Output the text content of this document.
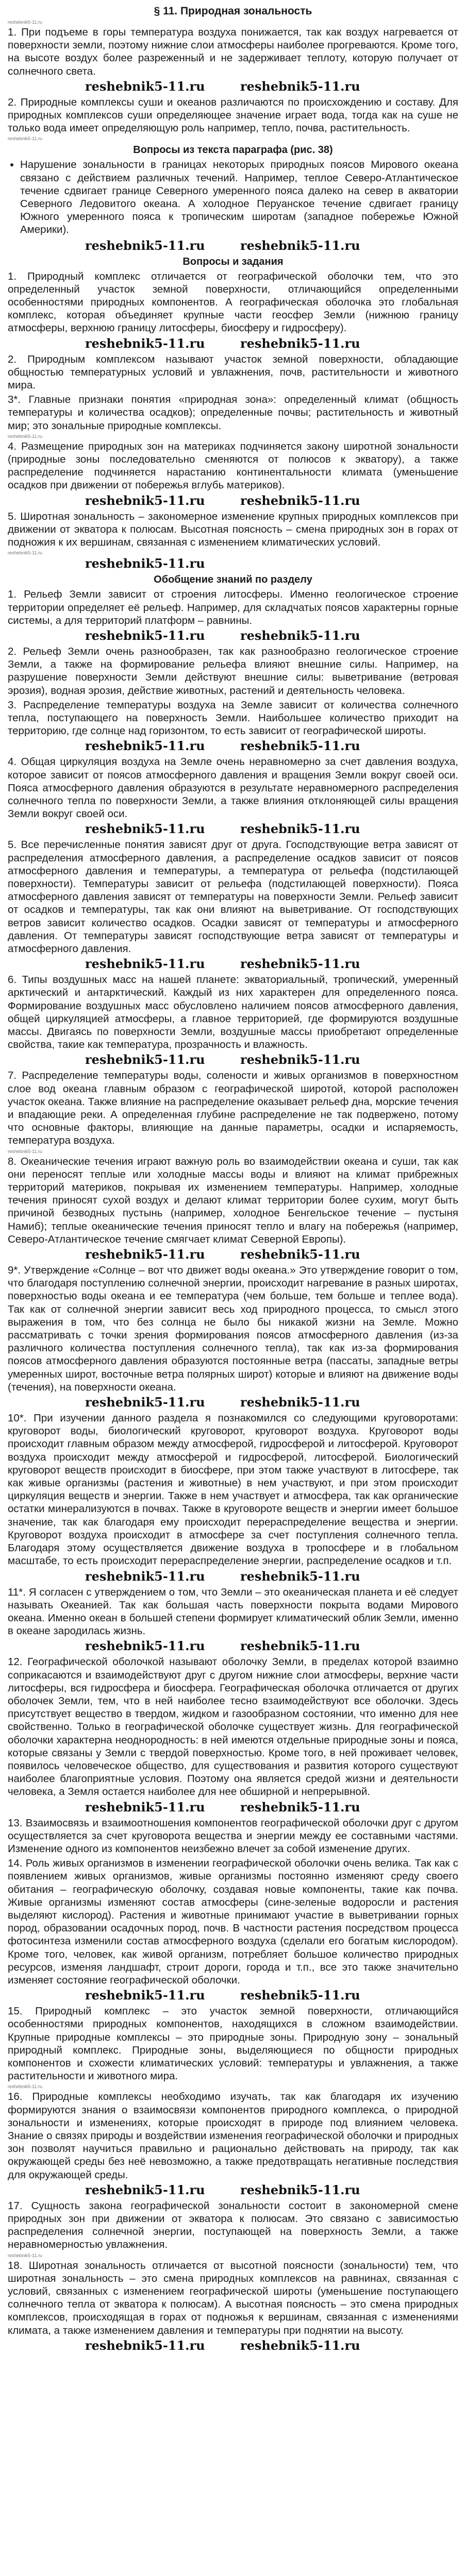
§ 11. Природная зональность
reshebnik5-11.ru

1. При подъеме в горы температура воздуха понижается, так как воздух нагревается от поверхности земли, поэтому нижние слои атмосферы наиболее прогреваются. Кроме того, на высоте воздух более разреженный и не задерживает теплоту, которую получает от солнечного света.

reshebnik5-11.ru	reshebnik5-11.ru

2. Природные комплексы суши и океанов различаются по происхождению и составу. Для природных комплексов суши определяющее значение играет вода, тогда как на суше не только вода имеет определяющую роль например, тепло, почва, растительность.

reshebnik5-11.ru
Вопросы из текста параграфа (рис. 38)
• Нарушение зональности в границах некоторых природных поясов Мирового океана связано с действием различных течений. Например, теплое Северо-Атлантическое течение сдвигает границе Северного умеренного пояса далеко на север в акватории Северного Ледовитого океана. А холодное Перуанское течение сдвигает границу Южного умеренного пояса к тропическим широтам (западное побережье Южной Америки).
reshebnik5-11.ru	reshebnik5-11.ru
Вопросы и задания

1. Природный комплекс отличается от географической оболочки тем, что это определенный участок земной поверхности, отличающийся определенными особенностями природных компонентов. А географическая оболочка это глобальная комплекс, которая объединяет крупные части геосфер Земли (нижнюю границу атмосферы, верхнюю границу литосферы, биосферу и гидросферу).

reshebnik5-11.ru	reshebnik5-11.ru

2. Природным комплексом называют участок земной поверхности, обладающие общностью температурных условий и увлажнения, почв, растительности и животного мира.

3*. Главные признаки понятия «природная зона»: определенный климат (общность температуры и количества осадков); определенные почвы; растительность и животный мир; это зональные природные комплексы.

reshebnik5-11.ru

4. Размещение природных зон на материках подчиняется закону широтной зональности (природные зоны последовательно сменяются от полюсов к экватору), а также распределение подчиняется нарастанию континентальности климата (уменьшение осадков при движении от побережья вглубь материков).

reshebnik5-11.ru	reshebnik5-11.ru

5. Широтная зональность – закономерное изменение крупных природных комплексов при движении от экватора к полюсам. Высотная поясность – смена природных зон в горах от подножия к их вершинам, связанная с изменением климатических условий.

reshebnik5-11.ru
reshebnik5-11.ru
Обобщение знаний по разделу

1. Рельеф Земли зависит от строения литосферы. Именно геологическое строение территории определяет её рельеф. Например, для складчатых поясов характерны горные системы, а для территорий платформ – равнины.

reshebnik5-11.ru	reshebnik5-11.ru

2. Рельеф Земли очень разнообразен, так как разнообразно геологическое строение Земли, а также на формирование рельефа влияют внешние силы. Например, на разрушение поверхности Земли действуют внешние силы: выветривание (ветровая эрозия), водная эрозия, действие животных, растений и деятельность человека.

3. Распределение температуры воздуха на Земле зависит от количества солнечного тепла, поступающего на поверхность Земли. Наибольшее количество приходит на территорию, где солнце над горизонтом, то есть зависит от географической широты.

reshebnik5-11.ru	reshebnik5-11.ru

4. Общая циркуляция воздуха на Земле очень неравномерно за счет давления воздуха, которое зависит от поясов атмосферного давления и вращения Земли вокруг своей оси. Пояса атмосферного давления образуются в результате неравномерного распределения солнечного тепла по поверхности Земли, а также влияния отклоняющей силы вращения Земли вокруг своей оси.

reshebnik5-11.ru	reshebnik5-11.ru

5. Все перечисленные понятия зависят друг от друга. Господствующие ветра зависят от распределения атмосферного давления, а распределение осадков зависит от поясов атмосферного давления и температуры, а температура от рельефа (подстилающей поверхности). Температуры зависит от рельефа (подстилающей поверхности). Пояса атмосферного давления зависят от температуры на поверхности Земли. Рельеф зависит от осадков и температуры, так как они влияют на выветривание. От господствующих ветров зависит количество осадков. Осадки зависят от температуры и атмосферного давления. От температуры зависят господствующие ветра зависят от температуры и атмосферного давления.

reshebnik5-11.ru	reshebnik5-11.ru

6. Типы воздушных масс на нашей планете: экваториальный, тропический, умеренный арктический и антарктический. Каждый из них характерен для определенного пояса. Формирование воздушных масс обусловлено наличием поясов атмосферного давления, общей циркуляцией атмосферы, а главное территорией, где формируются воздушные массы. Двигаясь по поверхности Земли, воздушные массы приобретают определенные свойства, такие как температура, прозрачность и влажность.

reshebnik5-11.ru	reshebnik5-11.ru

7. Распределение температуры воды, солености и живых организмов в поверхностном слое вод океана главным образом с географической широтой, которой расположен участок океана. Также влияние на распределение оказывает рельеф дна, морские течения и впадающие реки. А определенная глубине распределение не так подвержено, потому что основные факторы, влияющие на данные параметры, осадки и испаряемость, температура воздуха.

reshebnik5-11.ru

8. Океанические течения играют важную роль во взаимодействии океана и суши, так как они переносят теплые или холодные массы воды и влияют на климат прибрежных территорий материков, покрывая их изменением температуры. Например, холодные течения приносят сухой воздух и делают климат территории более сухим, могут быть причиной безводных пустынь (например, холодное Бенгельское течение – пустыня Намиб); теплые океанические течения приносят тепло и влагу на побережья (например, Северо-Атлантическое течение смягчает климат Северной Европы).

reshebnik5-11.ru	reshebnik5-11.ru

9*. Утверждение «Солнце – вот что движет воды океана.» Это утверждение говорит о том, что благодаря поступлению солнечной энергии, происходит нагревание в разных широтах, поверхностью воды океана и ее температура (чем больше, тем больше и теплее вода). Так как от солнечной энергии зависит весь ход природного процесса, то смысл этого выражения в том, что без солнца не было бы никакой жизни на Земле. Можно рассматривать с точки зрения формирования поясов атмосферного давления (из-за различного количества поступления солнечного тепла), так как из-за формирования поясов атмосферного давления образуются постоянные ветра (пассаты, западные ветры умеренных широт, восточные ветра полярных широт) которые и влияют на движение воды (течения), на поверхности океана.

reshebnik5-11.ru	reshebnik5-11.ru

10*. При изучении данного раздела я познакомился со следующими круговоротами: круговорот воды, биологический круговорот, круговорот воздуха. Круговорот воды происходит главным образом между атмосферой, гидросферой и литосферой. Круговорот воздуха происходит между атмосферой и гидросферой, литосферой. Биологический круговорот веществ происходит в биосфере, при этом также участвуют в литосфере, так как живые организмы (растения и животные) в нем участвуют, и при этом происходит циркуляция веществ и энергии. Также в нем участвует и атмосфера, так как органические остатки минерализуются в почвах. Также в круговороте веществ и энергии имеет большое значение, так как благодаря ему происходит перераспределение вещества и энергии. Круговорот воздуха происходит в атмосфере за счет поступления солнечного тепла. Благодаря этому осуществляется движение воздуха в тропосфере и в глобальном масштабе, то есть происходит перераспределение энергии, распределение осадков и т.п.

reshebnik5-11.ru	reshebnik5-11.ru

11*. Я согласен с утверждением о том, что Земли – это океаническая планета и её следует называть Океанией. Так как большая часть поверхности покрыта водами Мирового океана. Именно океан в большей степени формирует климатический облик Земли, именно в океане зародилась жизнь.

reshebnik5-11.ru	reshebnik5-11.ru

12. Географической оболочкой называют оболочку Земли, в пределах которой взаимно соприкасаются и взаимодействуют друг с другом нижние слои атмосферы, верхние части литосферы, вся гидросфера и биосфера. Географическая оболочка отличается от других оболочек Земли, тем, что в ней наиболее тесно взаимодействуют все оболочки. Здесь присутствует вещество в твердом, жидком и газообразном состоянии, что именно для нее свойственно. Только в географической оболочке существует жизнь. Для географической оболочки характерна неоднородность: в ней имеются отдельные природные зоны и пояса, которые связаны у Земли с твердой поверхностью. Кроме того, в ней проживает человек, появилось человеческое общество, для существования и развития которого существуют наиболее благоприятные условия. Поэтому она является средой жизни и деятельности человека, а Земля остается наиболее для нее обширной и непрерывной.

reshebnik5-11.ru	reshebnik5-11.ru

13. Взаимосвязь и взаимоотношения компонентов географической оболочки друг с другом осуществляется за счет круговорота вещества и энергии между ее составными частями. Изменение одного из компонентов неизбежно влечет за собой изменение других.

14. Роль живых организмов в изменении географической оболочки очень велика. Так как с появлением живых организмов, живые организмы постоянно изменяют среду своего обитания – географическую оболочку, создавая новые компоненты, такие как почва. Живые организмы изменяют состав атмосферы (сине-зеленые водоросли и растения выделяют кислород). Растения и животные принимают участие в выветривании горных пород, образовании осадочных пород, почв. В частности растения посредством процесса фотосинтеза изменили состав атмосферного воздуха (сделали его богатым кислородом). Кроме того, человек, как живой организм, потребляет большое количество природных ресурсов, изменяя ландшафт, строит дороги, города и т.п., все это также значительно изменяет состояние географической оболочки.

reshebnik5-11.ru	reshebnik5-11.ru

15. Природный комплекс – это участок земной поверхности, отличающийся особенностями природных компонентов, находящихся в сложном взаимодействии. Крупные природные комплексы – это природные зоны. Природную зону – зональный природный комплекс. Природные зоны, выделяющиеся по общности природных компонентов и схожести климатических условий: температуры и увлажнения, а также растительности и животного мира.

reshebnik5-11.ru

16. Природные комплексы необходимо изучать, так как благодаря их изучению формируются знания о взаимосвязи компонентов природного комплекса, о природной зональности и изменениях, которые происходят в природе под влиянием человека. Знание о связях природы и воздействии изменения географической оболочки и природных зон позволят научиться правильно и рационально действовать на природу, так как окружающей среды без неё невозможно, а также предотвращать негативные последствия для окружающей среды.

reshebnik5-11.ru	reshebnik5-11.ru

17. Сущность закона географической зональности состоит в закономерной смене природных зон при движении от экватора к полюсам. Это связано с зависимостью распределения солнечной энергии, поступающей на поверхность Земли, а также неравномерностью увлажнения.

reshebnik5-11.ru

18. Широтная зональность отличается от высотной поясности (зональности) тем, что широтная зональность – это смена природных комплексов на равнинах, связанная с условий, связанных с изменением географической широты (уменьшение поступающего солнечного тепла от экватора к полюсам). А высотная поясность – это смена природных комплексов, происходящая в горах от подножья к вершинам, связанная с изменениями климата, а также изменением давления и температуры при поднятии на высоту.

reshebnik5-11.ru	reshebnik5-11.ru
